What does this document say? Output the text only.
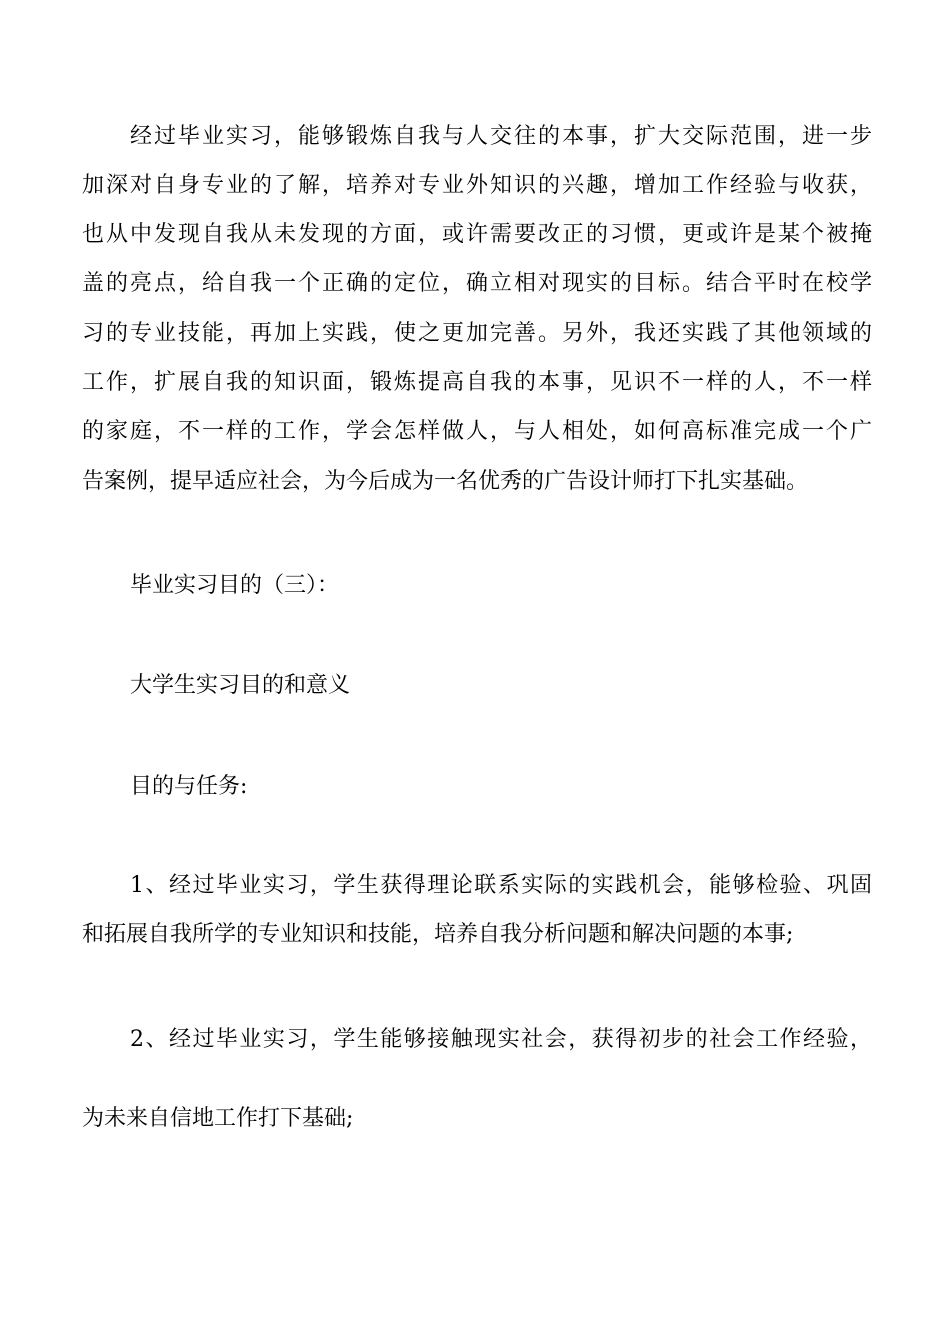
经过毕业实习，能够锻炼自我与人交往的本事，扩大交际范围，进一步
加深对自身专业的了解，培养对专业外知识的兴趣，增加工作经验与收获，
也从中发现自我从未发现的方面，或许需要改正的习惯，更或许是某个被掩
盖的亮点，给自我一个正确的定位，确立相对现实的目标。结合平时在校学
习的专业技能，再加上实践，使之更加完善。另外，我还实践了其他领域的
工作，扩展自我的知识面，锻炼提高自我的本事，见识不一样的人，不一样
的家庭，不一样的工作，学会怎样做人，与人相处，如何高标准完成一个广
告案例，提早适应社会，为今后成为一名优秀的广告设计师打下扎实基础。
毕业实习目的（三）：
大学生实习目的和意义
目的与任务:
1、经过毕业实习，学生获得理论联系实际的实践机会，能够检验、巩固
和拓展自我所学的专业知识和技能，培养自我分析问题和解决问题的本事;
2、经过毕业实习，学生能够接触现实社会，获得初步的社会工作经验，
为未来自信地工作打下基础;
